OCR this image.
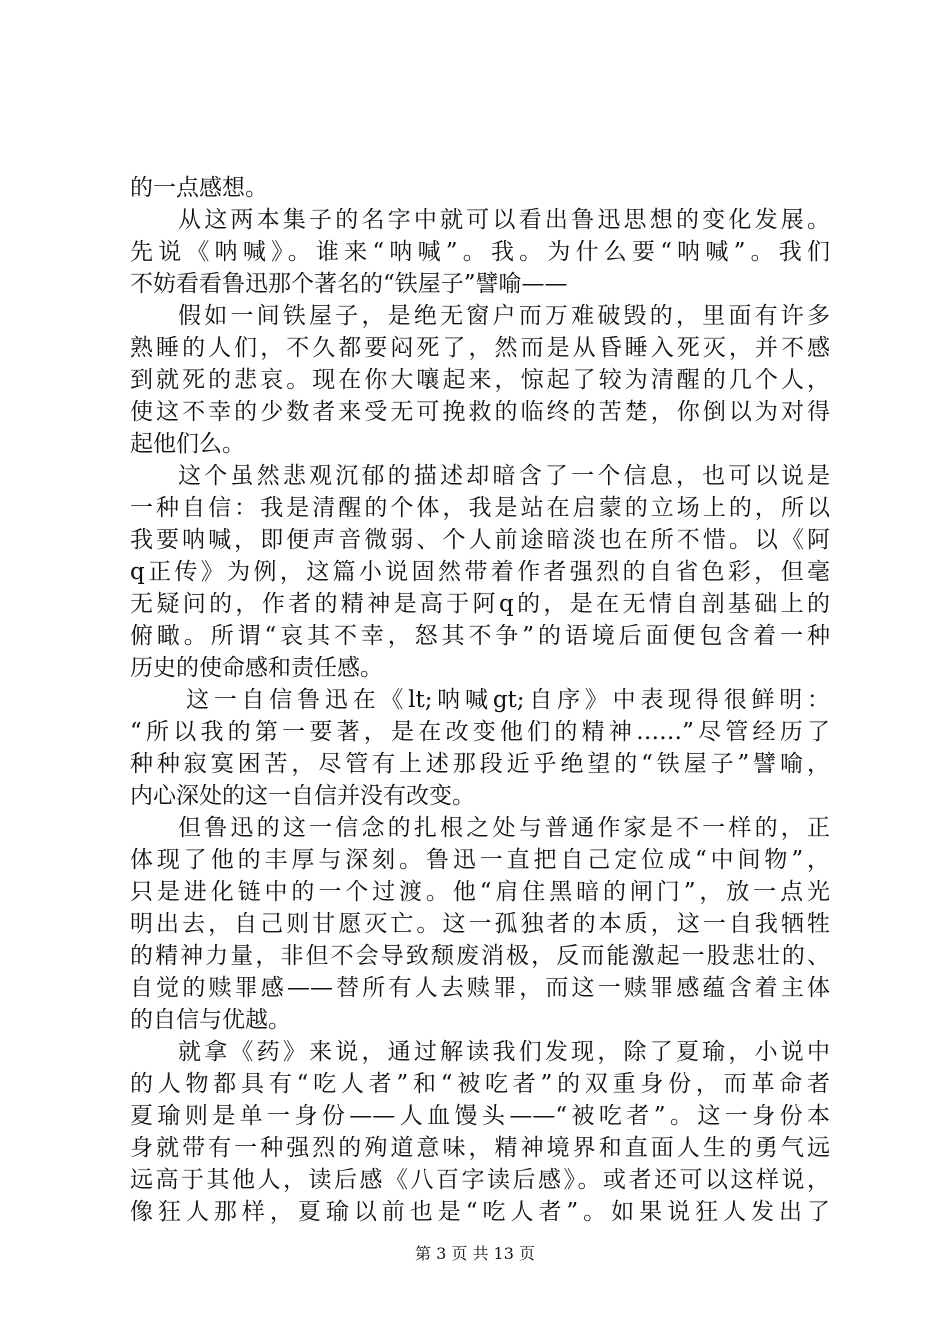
的一点感想。
从这两本集子的名字中就可以看出鲁迅思想的变化发展。
先说《呐喊》。谁来“呐喊”。我。为什么要“呐喊”。我们
不妨看看鲁迅那个著名的“铁屋子”譬喻——
假如一间铁屋子，是绝无窗户而万难破毁的，里面有许多
熟睡的人们，不久都要闷死了，然而是从昏睡入死灭，并不感
到就死的悲哀。现在你大嚷起来，惊起了较为清醒的几个人，
使这不幸的少数者来受无可挽救的临终的苦楚，你倒以为对得
起他们么。
这个虽然悲观沉郁的描述却暗含了一个信息，也可以说是
一种自信：我是清醒的个体，我是站在启蒙的立场上的，所以
我要呐喊，即便声音微弱、个人前途暗淡也在所不惜。以《阿
q正传》为例，这篇小说固然带着作者强烈的自省色彩，但毫
无疑问的，作者的精神是高于阿q的，是在无情自剖基础上的
俯瞰。所谓“哀其不幸，怒其不争”的语境后面便包含着一种
历史的使命感和责任感。
这一自信鲁迅在《lt;呐喊gt;自序》中表现得很鲜明：
“所以我的第一要著，是在改变他们的精神……”尽管经历了
种种寂寞困苦，尽管有上述那段近乎绝望的“铁屋子”譬喻，
内心深处的这一自信并没有改变。
但鲁迅的这一信念的扎根之处与普通作家是不一样的，正
体现了他的丰厚与深刻。鲁迅一直把自己定位成“中间物”，
只是进化链中的一个过渡。他“肩住黑暗的闸门”，放一点光
明出去，自己则甘愿灭亡。这一孤独者的本质，这一自我牺牲
的精神力量，非但不会导致颓废消极，反而能激起一股悲壮的、
自觉的赎罪感——替所有人去赎罪，而这一赎罪感蕴含着主体
的自信与优越。
就拿《药》来说，通过解读我们发现，除了夏瑜，小说中
的人物都具有“吃人者”和“被吃者”的双重身份，而革命者
夏瑜则是单一身份——人血馒头——“被吃者”。这一身份本
身就带有一种强烈的殉道意味，精神境界和直面人生的勇气远
远高于其他人，读后感《八百字读后感》。或者还可以这样说，
像狂人那样，夏瑜以前也是“吃人者”。如果说狂人发出了
第 3 页 共 13 页
